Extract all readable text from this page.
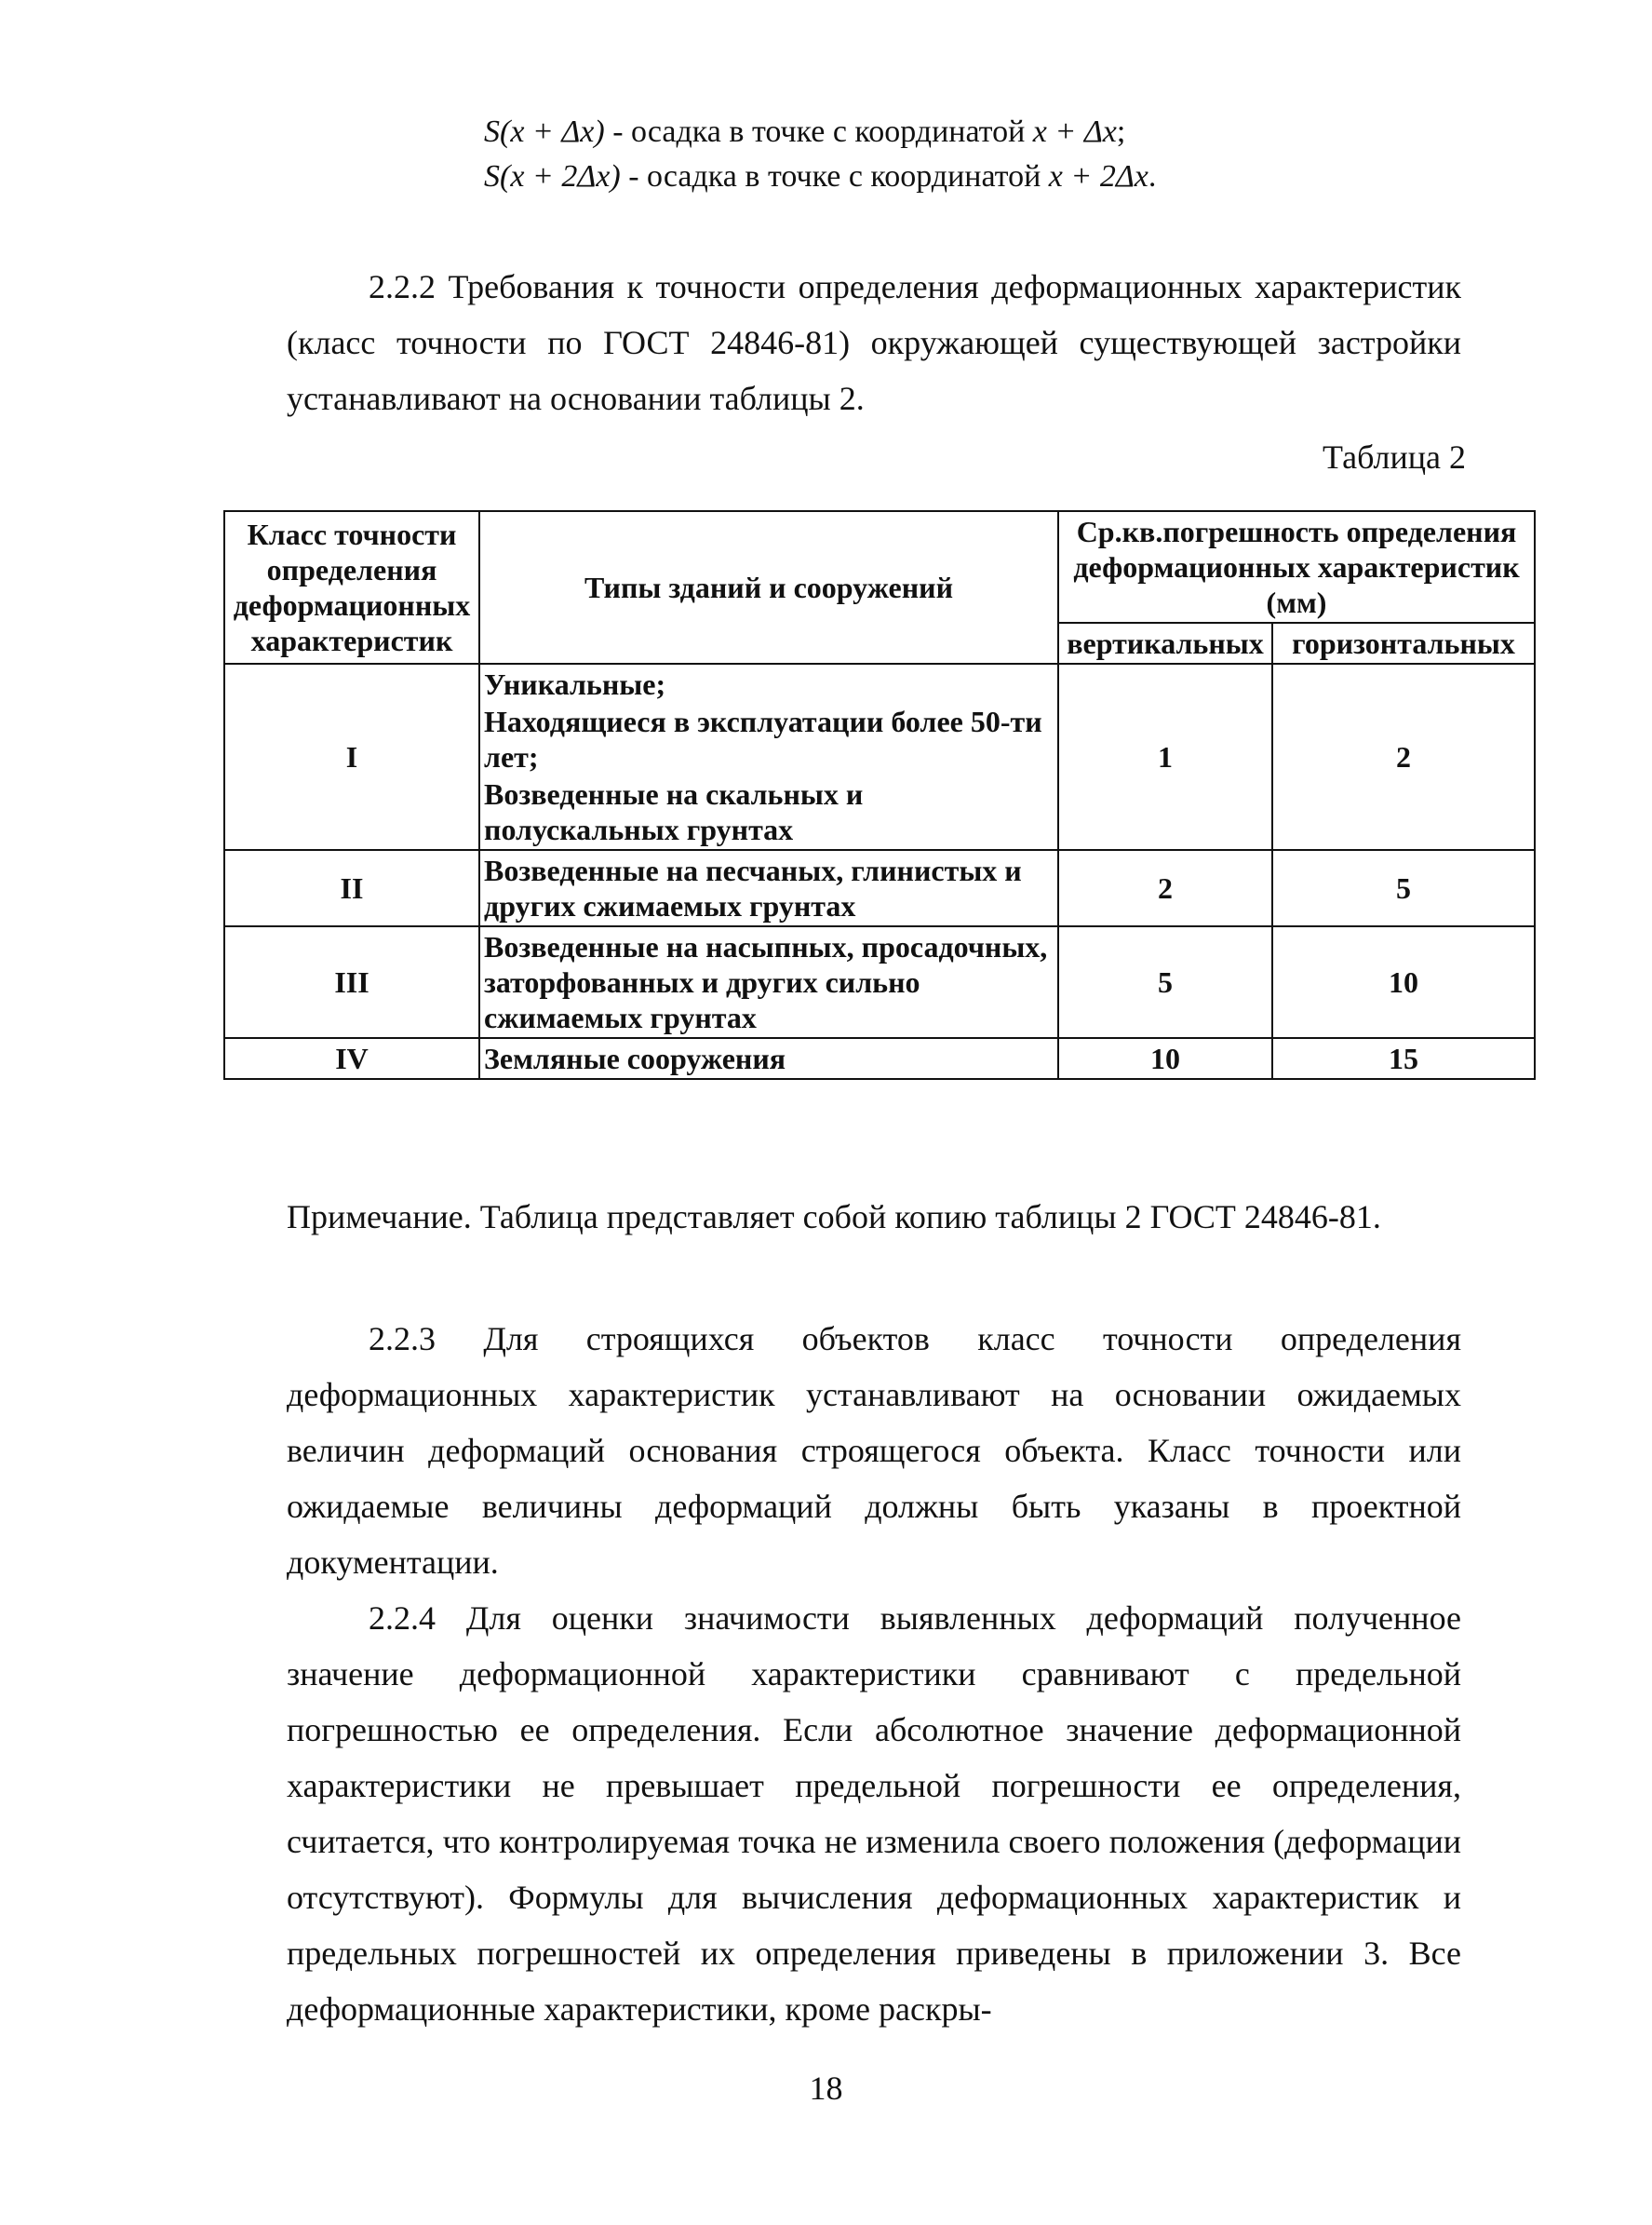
S(x + Δx) - осадка в точке с координатой x + Δx;
S(x + 2Δx) - осадка в точке с координатой x + 2Δx.

2.2.2 Требования к точности определения деформационных характеристик (класс точности по ГОСТ 24846-81) окружающей существующей застройки устанавливают на основании таблицы 2.

Таблица 2
Класс точности определения деформационных характеристик	Типы зданий и сооружений	Ср.кв.погрешность определения деформационных характеристик (мм)	
		вертикальных	горизонтальных
I	Уникальные;
Находящиеся в эксплуатации более 50-ти лет;
Возведенные на скальных и полускальных грунтах	1	2
II	Возведенные на песчаных, глинистых и других сжимаемых грунтах	2	5
III	Возведенные на насыпных, просадочных, заторфованных и других сильно сжимаемых грунтах	5	10
IV	Земляные сооружения	10	15
Примечание. Таблица представляет собой копию таблицы 2 ГОСТ 24846-81.

2.2.3 Для строящихся объектов класс точности определения деформационных характеристик устанавливают на основании ожидаемых величин деформаций основания строящегося объекта. Класс точности или ожидаемые величины деформаций должны быть указаны в проектной документации.

2.2.4 Для оценки значимости выявленных деформаций полученное значение деформационной характеристики сравнивают с предельной погрешностью ее определения. Если абсолютное значение деформационной характеристики не превышает предельной погрешности ее определения, считается, что контролируемая точка не изменила своего положения (деформации отсутствуют). Формулы для вычисления деформационных характеристик и предельных погрешностей их определения приведены в приложении 3. Все деформационные характеристики, кроме раскры-

18
